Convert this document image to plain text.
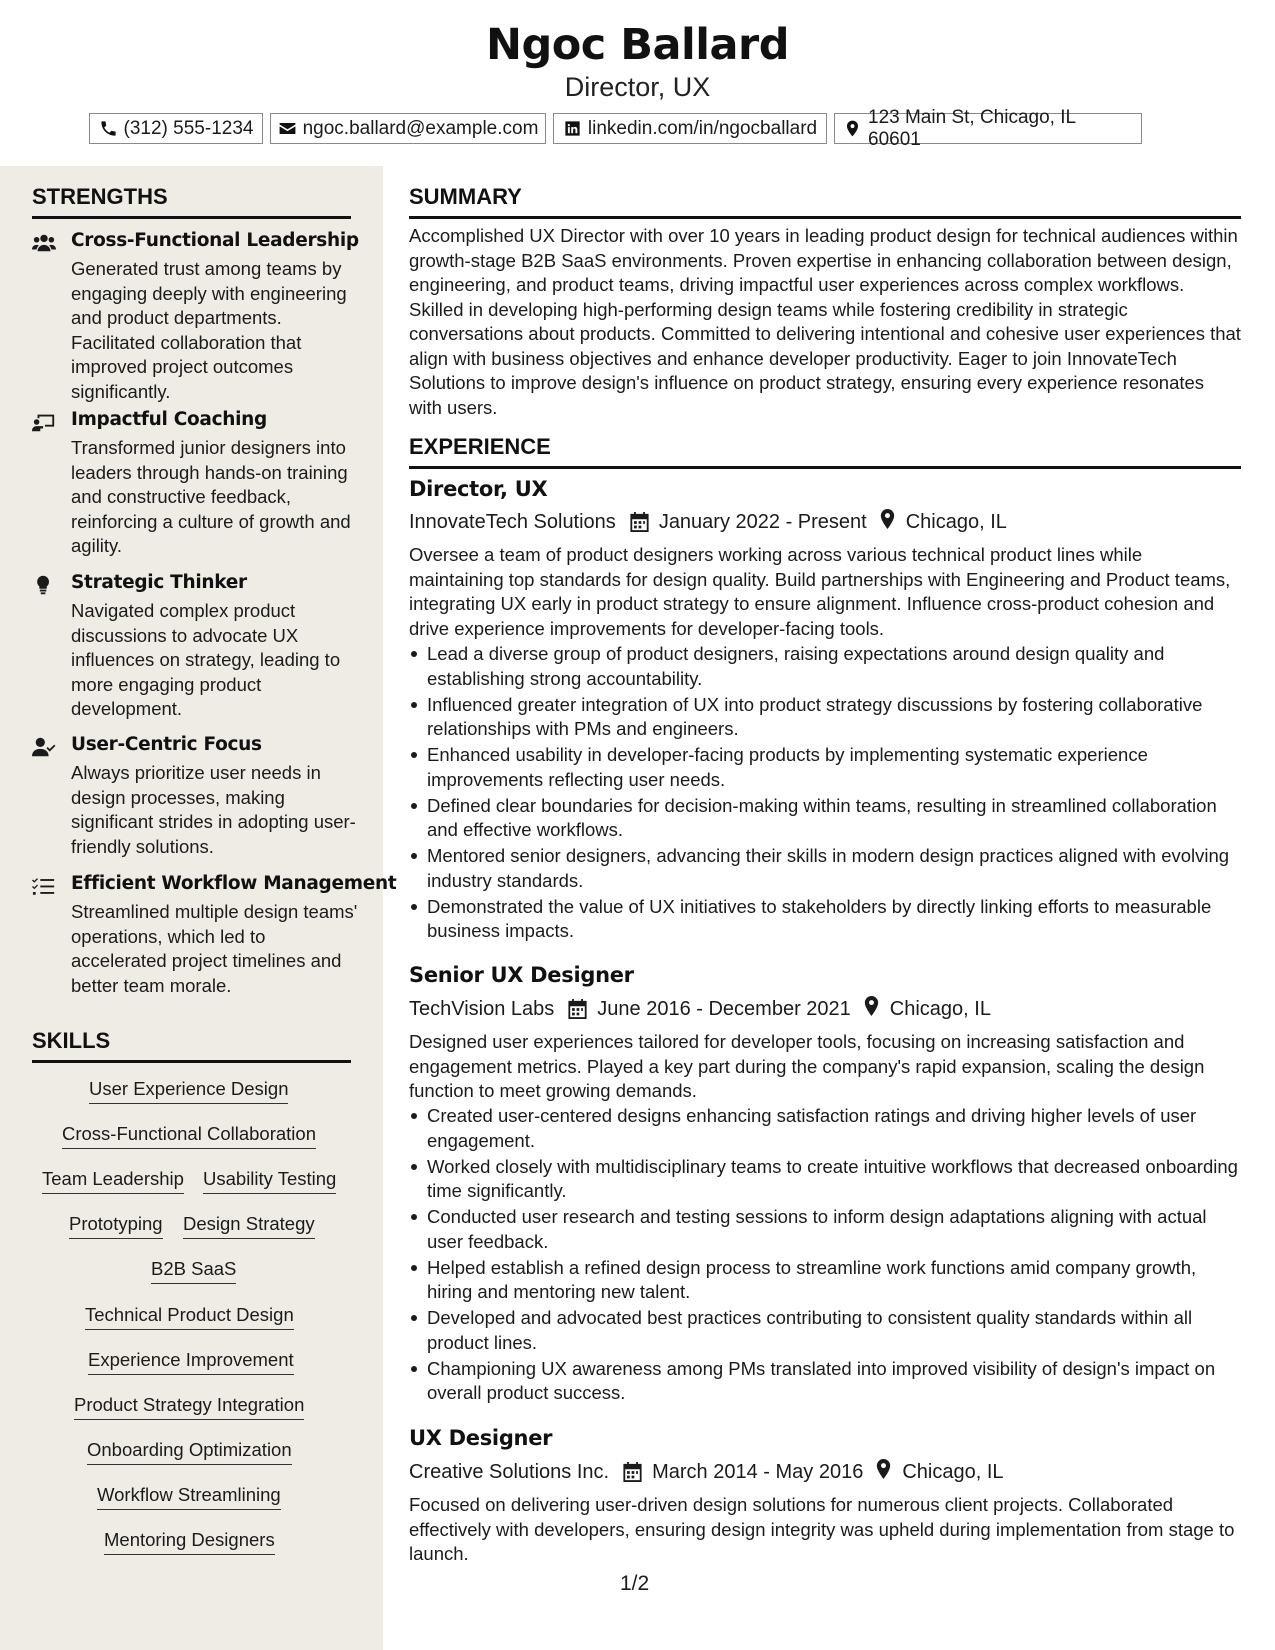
Ngoc Ballard
Director, UX
(312) 555-1234	ngoc.ballard@example.com	linkedin.com/in/ngocballard
123 Main St, Chicago, IL 60601
STRENGTHS
Cross-Functional Leadership
Generated trust among teams by engaging deeply with engineering and product departments. Facilitated collaboration that improved project outcomes significantly.
Impactful Coaching
Transformed junior designers into leaders through hands-on training and constructive feedback, reinforcing a culture of growth and agility.
Strategic Thinker
Navigated complex product discussions to advocate UX influences on strategy, leading to more engaging product development.
User-Centric Focus
Always prioritize user needs in design processes, making significant strides in adopting user-friendly solutions.
Efficient Workflow Management
Streamlined multiple design teams' operations, which led to accelerated project timelines and better team morale.
SKILLS
User Experience Design
Cross-Functional Collaboration
Team Leadership Usability Testing
Prototyping Design Strategy
B2B SaaS
Technical Product Design
Experience Improvement
Product Strategy Integration
Onboarding Optimization
Workflow Streamlining
Mentoring Designers
SUMMARY
Accomplished UX Director with over 10 years in leading product design for technical audiences within growth-stage B2B SaaS environments. Proven expertise in enhancing collaboration between design, engineering, and product teams, driving impactful user experiences across complex workflows. Skilled in developing high-performing design teams while fostering credibility in strategic conversations about products. Committed to delivering intentional and cohesive user experiences that align with business objectives and enhance developer productivity. Eager to join InnovateTech Solutions to improve design's influence on product strategy, ensuring every experience resonates with users.
EXPERIENCE
Director, UX
InnovateTech Solutions January 2022 - Present Chicago, IL
Oversee a team of product designers working across various technical product lines while maintaining top standards for design quality. Build partnerships with Engineering and Product teams, integrating UX early in product strategy to ensure alignment. Influence cross-product cohesion and drive experience improvements for developer-facing tools.
Lead a diverse group of product designers, raising expectations around design quality and establishing strong accountability.
Influenced greater integration of UX into product strategy discussions by fostering collaborative relationships with PMs and engineers.
Enhanced usability in developer-facing products by implementing systematic experience improvements reflecting user needs.
Defined clear boundaries for decision-making within teams, resulting in streamlined collaboration and effective workflows.
Mentored senior designers, advancing their skills in modern design practices aligned with evolving industry standards.
Demonstrated the value of UX initiatives to stakeholders by directly linking efforts to measurable business impacts.
Senior UX Designer
TechVision Labs June 2016 - December 2021 Chicago, IL
Designed user experiences tailored for developer tools, focusing on increasing satisfaction and engagement metrics. Played a key part during the company's rapid expansion, scaling the design function to meet growing demands.
Created user-centered designs enhancing satisfaction ratings and driving higher levels of user engagement.
Worked closely with multidisciplinary teams to create intuitive workflows that decreased onboarding time significantly.
Conducted user research and testing sessions to inform design adaptations aligning with actual user feedback.
Helped establish a refined design process to streamline work functions amid company growth, hiring and mentoring new talent.
Developed and advocated best practices contributing to consistent quality standards within all product lines.
Championing UX awareness among PMs translated into improved visibility of design's impact on overall product success.
UX Designer
Creative Solutions Inc. March 2014 - May 2016 Chicago, IL
Focused on delivering user-driven design solutions for numerous client projects. Collaborated effectively with developers, ensuring design integrity was upheld during implementation from stage to launch.
1/2
